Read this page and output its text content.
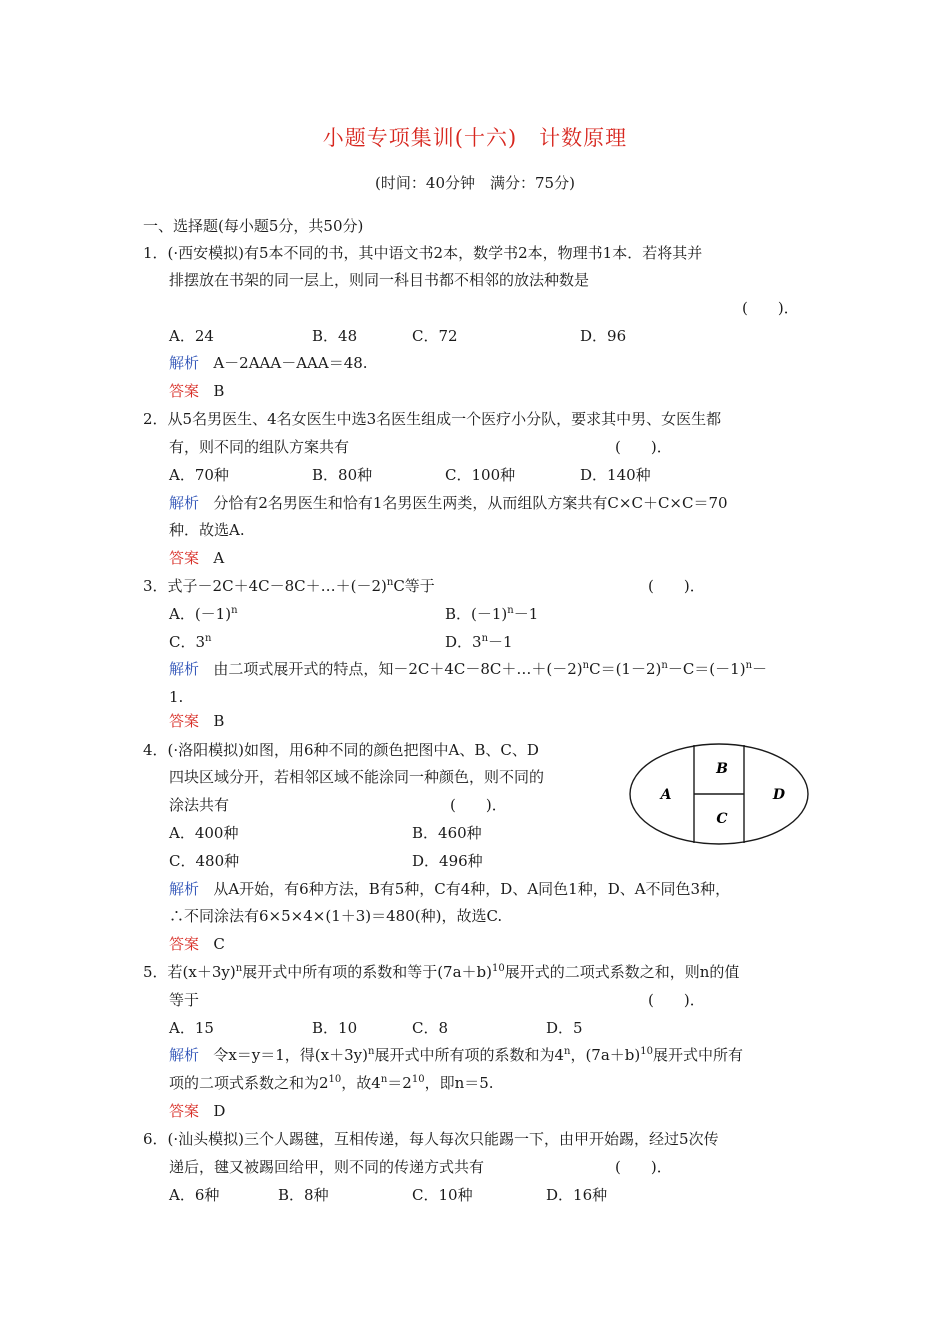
小题专项集训(十六)　计数原理
(时间：40分钟　满分：75分)
一、选择题(每小题5分，共50分)
1．(·西安模拟)有5本不同的书，其中语文书2本，数学书2本，物理书1本．若将其并
排摆放在书架的同一层上，则同一科目书都不相邻的放法种数是
(　　)．
A．24	B．48	C．72	D．96
解析 A－2AAA－AAA＝48.
答案 B
2．从5名男医生、4名女医生中选3名医生组成一个医疗小分队，要求其中男、女医生都
有，则不同的组队方案共有	(　　)．
A．70种	B．80种	C．100种	D．140种
解析 分恰有2名男医生和恰有1名男医生两类，从而组队方案共有C×C＋C×C＝70
种．故选A.
答案 A
3．式子$-2C+4C-8C+\dots+(-2)^nC$等于	(　　)．
A．$(-1)^n$	B．$(-1)^n-1$
C．3$^n$	D．$3^n-1$
解析 由二项式展开式的特点，知$-2C+4C-8C+\dots+(-2)^nC=(1-2)^n-C=(-1)^n-$
1.
答案 B
4．(·洛阳模拟)如图，用6种不同的颜色把图中A、B、C、D
四块区域分开，若相邻区域不能涂同一种颜色，则不同的
涂法共有	(　　)．
A．400种	B．460种
C．480种	D．496种
A
B
C
D
解析 从A开始，有6种方法，B有5种，C有4种，D、A同色1种，D、A不同色3种，
∴不同涂法有6×5×4×(1＋3)＝480(种)，故选C.
答案 C
5．若$(x+3y)^n$展开式中所有项的系数和等于$(7a+b)^{10}$展开式的二项式系数之和，则n的值
等于	(　　)．
A．15	B．10	C．8	D．5
解析 令x＝y＝1，得$(x+3y)^n$展开式中所有项的系数和为4$^n$，$(7a+b)^{10}$展开式中所有
项的二项式系数之和为$2^{10}$，故$4^n=2^{10}$，即n＝5.
答案 D
6．(·汕头模拟)三个人踢毽，互相传递，每人每次只能踢一下，由甲开始踢，经过5次传
递后，毽又被踢回给甲，则不同的传递方式共有	(　　)．
A．6种	B．8种	C．10种	D．16种
